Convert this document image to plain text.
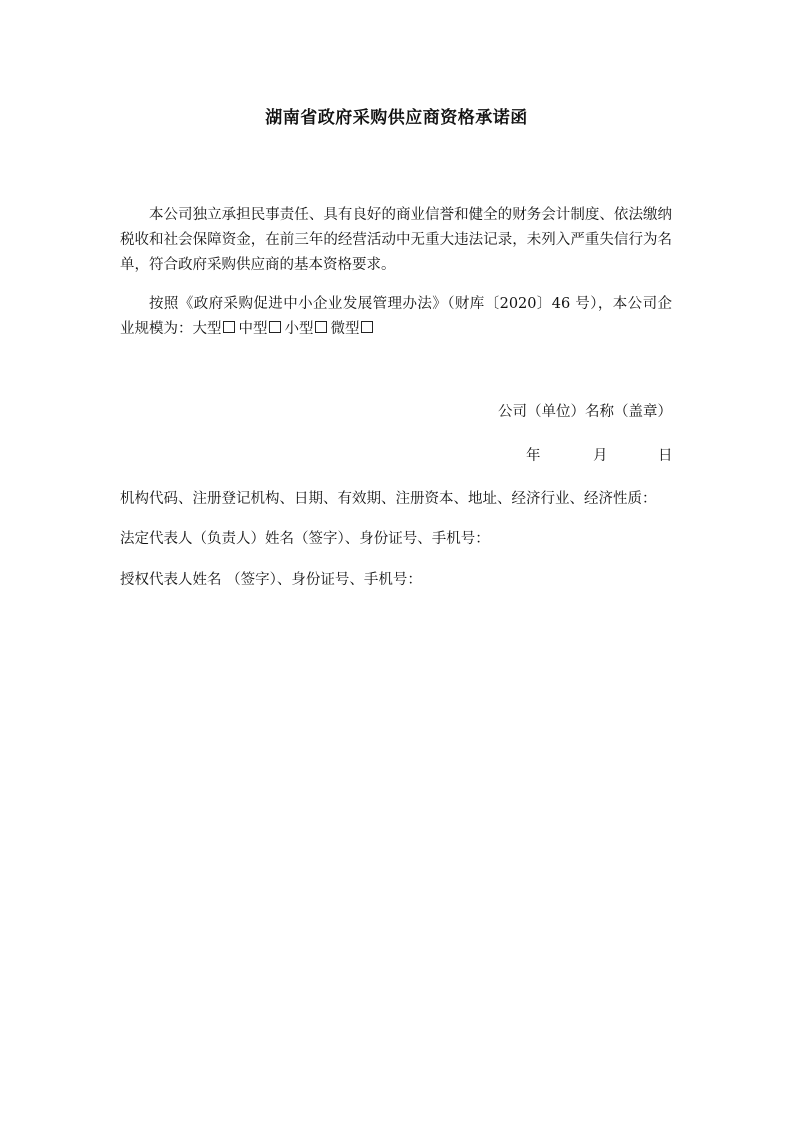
湖南省政府采购供应商资格承诺函

本公司独立承担民事责任、具有良好的商业信誉和健全的财务会计制度、依法缴纳税收和社会保障资金，在前三年的经营活动中无重大违法记录，未列入严重失信行为名单，符合政府采购供应商的基本资格要求。

按照《政府采购促进中小企业发展管理办法》（财库〔2020〕46 号），本公司企业规模为：大型 中型 小型 微型

公司（单位）名称（盖章）
年	月	日
机构代码、注册登记机构、日期、有效期、注册资本、地址、经济行业、经济性质：
法定代表人（负责人）姓名（签字）、身份证号、手机号：
授权代表人姓名 （签字）、身份证号、手机号：
